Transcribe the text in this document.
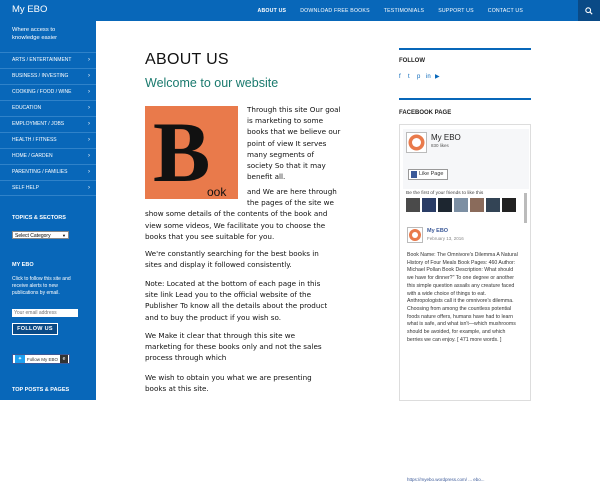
My EBO	ABOUT US	DOWNLOAD FREE BOOKS	TESTIMONIALS	SUPPORT US	CONTACT US
Where access to knowledge easier
ARTS / ENTERTAINMENT	›
BUSINESS / INVESTING	›
COOKING / FOOD / WINE	›
EDUCATION	›
EMPLOYMENT / JOBS	›
HEALTH / FITNESS	›
HOME / GARDEN	›
PARENTING / FAMILIES	›
SELF HELP	›
TOPICS & SECTORS
Select Category	▼
MY EBO
Click to follow this site and receive alerts to new publications by email.
Your email address
FOLLOW US
✦	Follow My EBO e
TOP POSTS & PAGES
ABOUT US
Welcome to our website
B
ook
Through this site Our goal
is marketing to some
books that we believe our
point of view It serves
many segments of
society So that it may
benefit all.
and We are here through
the pages of the site we
show some details of the contents of the book and
view some videos, We facilitate you to choose the
books that you see suitable for you.
We're constantly searching for the best books in
sites and display it followed consistently.
Note: Located at the bottom of each page in this
site link Lead you to the official website of the
Publisher To know all the details about the product
and to buy the product if you wish so.
We Make it clear that through this site we
marketing for these books only and not the sales
process through which
We wish to obtain you what we are presenting
books at this site.
FOLLOW
f	t	p in ▶
FACEBOOK PAGE
My EBO
830 likes
Like Page
Be the first of your friends to like this
My EBO
February 13, 2016
Book Name: The Omnivore's Dilemma A Natural History of Four Meals Book Pages: 460 Author: Michael Pollan Book Description: What should we have for dinner?" To one degree or another this simple question assails any creature faced with a wide choice of things to eat. Anthropologists call it the omnivore's dilemma. Choosing from among the countless potential foods nature offers, humans have had to learn what is safe, and what isn't—which mushrooms should be avoided, for example, and which berries we can enjoy. [ 471 more words. ]
https://myebo.wordpress.com/ ... ebo...
